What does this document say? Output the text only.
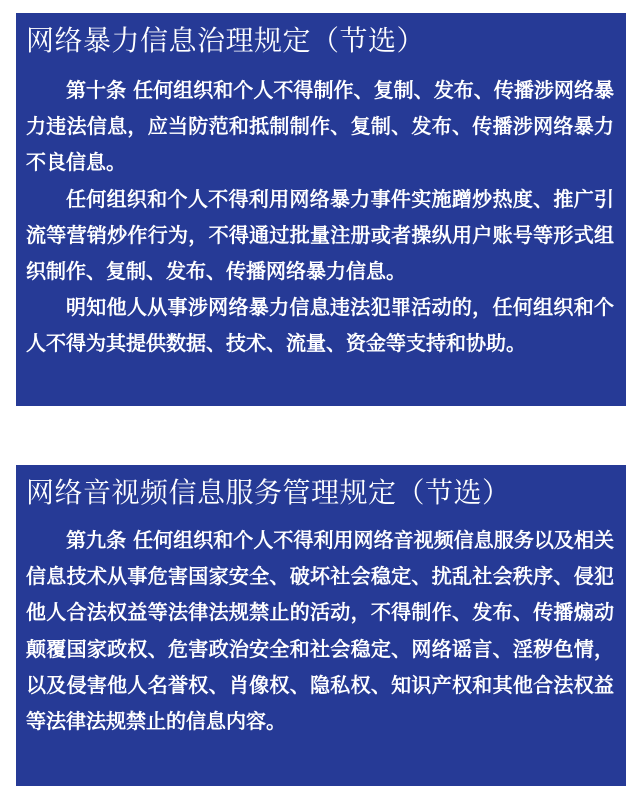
网络暴力信息治理规定（节选）

第十条 任何组织和个人不得制作、复制、发布、传播涉网络暴力违法信息，应当防范和抵制制作、复制、发布、传播涉网络暴力不良信息。

任何组织和个人不得利用网络暴力事件实施蹭炒热度、推广引流等营销炒作行为，不得通过批量注册或者操纵用户账号等形式组织制作、复制、发布、传播网络暴力信息。

明知他人从事涉网络暴力信息违法犯罪活动的，任何组织和个人不得为其提供数据、技术、流量、资金等支持和协助。

网络音视频信息服务管理规定（节选）

第九条 任何组织和个人不得利用网络音视频信息服务以及相关信息技术从事危害国家安全、破坏社会稳定、扰乱社会秩序、侵犯他人合法权益等法律法规禁止的活动，不得制作、发布、传播煽动颠覆国家政权、危害政治安全和社会稳定、网络谣言、淫秽色情，以及侵害他人名誉权、肖像权、隐私权、知识产权和其他合法权益等法律法规禁止的信息内容。
